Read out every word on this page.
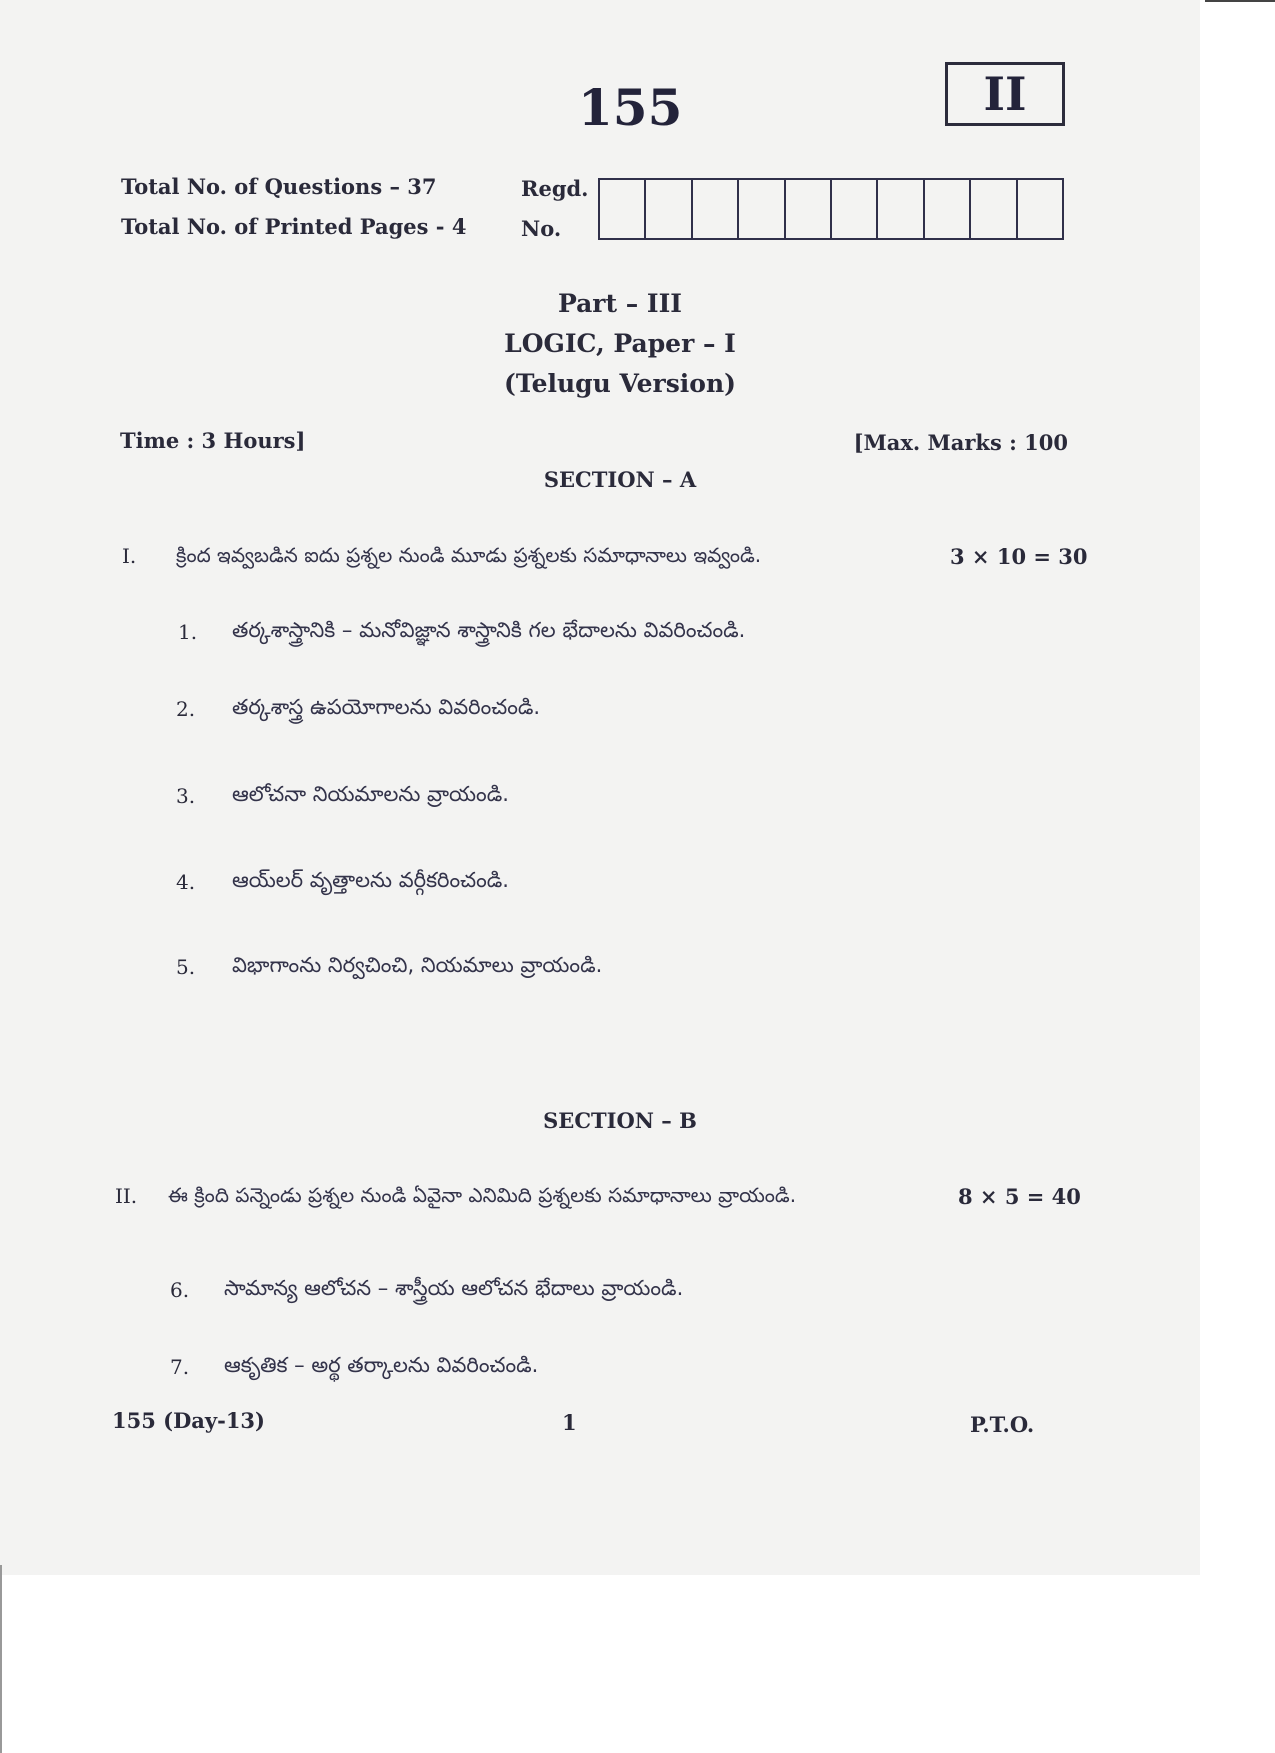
155	II
Total No. of Questions – 37
Total No. of Printed Pages - 4
Regd.
No.
Part – III
LOGIC, Paper – I
(Telugu Version)
Time : 3 Hours]	[Max. Marks : 100
SECTION – A
I. క్రింద ఇవ్వబడిన ఐదు ప్రశ్నల నుండి మూడు ప్రశ్నలకు సమాధానాలు ఇవ్వండి.	3 × 10 = 30
1. తర్కశాస్త్రానికి – మనోవిజ్ఞాన శాస్త్రానికి గల భేదాలను వివరించండి.
2. తర్కశాస్త్ర ఉపయోగాలను వివరించండి.
3. ఆలోచనా నియమాలను వ్రాయండి.
4. ఆయ్‌లర్ వృత్తాలను వర్గీకరించండి.
5. విభాగాంను నిర్వచించి, నియమాలు వ్రాయండి.
SECTION – B
II. ఈ క్రింది పన్నెండు ప్రశ్నల నుండి ఏవైనా ఎనిమిది ప్రశ్నలకు సమాధానాలు వ్రాయండి.	8 × 5 = 40
6. సామాన్య ఆలోచన – శాస్త్రీయ ఆలోచన భేదాలు వ్రాయండి.
7. ఆకృతిక – అర్థ తర్కాలను వివరించండి.
155 (Day-13)	1	P.T.O.
